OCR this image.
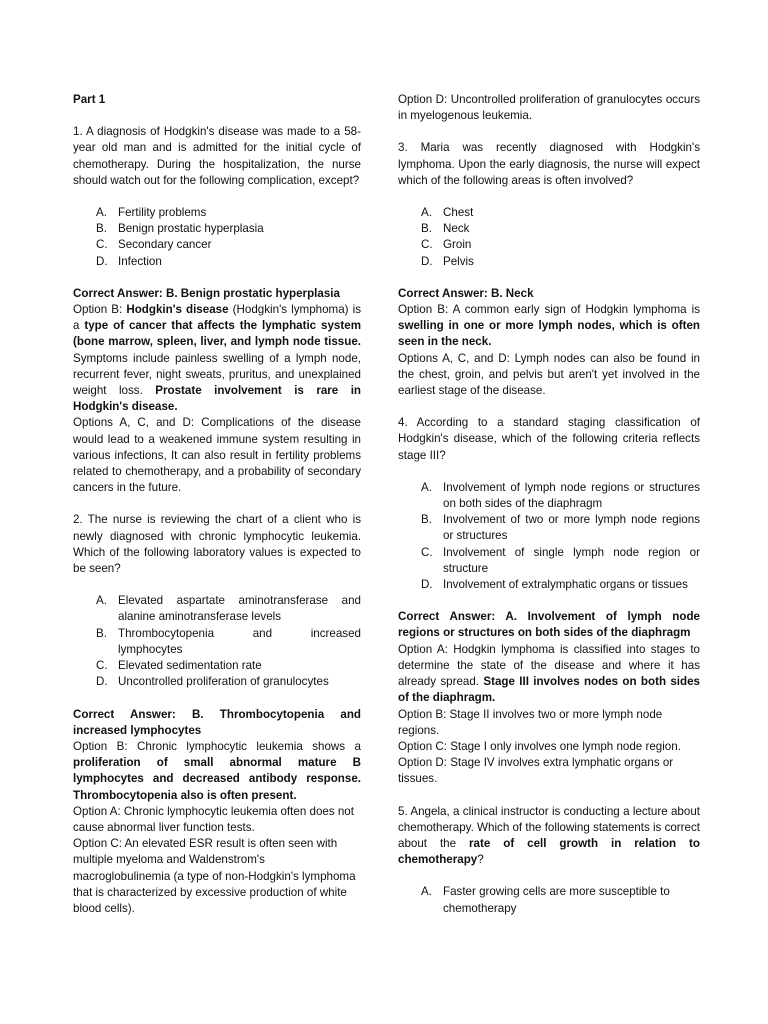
Part 1

1. A diagnosis of Hodgkin's disease was made to a 58- year old man and is admitted for the initial cycle of chemotherapy. During the hospitalization, the nurse should watch out for the following complication, except?

A. Fertility problems
B. Benign prostatic hyperplasia
C. Secondary cancer
D. Infection

Correct Answer: B. Benign prostatic hyperplasia

Option B: Hodgkin's disease (Hodgkin's lymphoma) is a type of cancer that affects the lymphatic system (bone marrow, spleen, liver, and lymph node tissue. Symptoms include painless swelling of a lymph node, recurrent fever, night sweats, pruritus, and unexplained weight loss. Prostate involvement is rare in Hodgkin's disease.

Options A, C, and D: Complications of the disease would lead to a weakened immune system resulting in various infections, It can also result in fertility problems related to chemotherapy, and a probability of secondary cancers in the future.

2. The nurse is reviewing the chart of a client who is newly diagnosed with chronic lymphocytic leukemia. Which of the following laboratory values is expected to be seen?

A. Elevated aspartate aminotransferase and alanine aminotransferase levels
B. Thrombocytopenia and increased lymphocytes
C. Elevated sedimentation rate
D. Uncontrolled proliferation of granulocytes

Correct Answer: B. Thrombocytopenia and increased lymphocytes

Option B: Chronic lymphocytic leukemia shows a proliferation of small abnormal mature B lymphocytes and decreased antibody response. Thrombocytopenia also is often present.

Option A: Chronic lymphocytic leukemia often does not cause abnormal liver function tests.

Option C: An elevated ESR result is often seen with multiple myeloma and Waldenstrom's macroglobulinemia (a type of non-Hodgkin's lymphoma that is characterized by excessive production of white blood cells).

Option D: Uncontrolled proliferation of granulocytes occurs in myelogenous leukemia.

3. Maria was recently diagnosed with Hodgkin's lymphoma. Upon the early diagnosis, the nurse will expect which of the following areas is often involved?

A. Chest
B. Neck
C. Groin
D. Pelvis

Correct Answer: B. Neck

Option B: A common early sign of Hodgkin lymphoma is swelling in one or more lymph nodes, which is often seen in the neck.

Options A, C, and D: Lymph nodes can also be found in the chest, groin, and pelvis but aren't yet involved in the earliest stage of the disease.

4. According to a standard staging classification of Hodgkin's disease, which of the following criteria reflects stage III?

A. Involvement of lymph node regions or structures on both sides of the diaphragm
B. Involvement of two or more lymph node regions or structures
C. Involvement of single lymph node region or structure
D. Involvement of extralymphatic organs or tissues

Correct Answer: A. Involvement of lymph node regions or structures on both sides of the diaphragm

Option A: Hodgkin lymphoma is classified into stages to determine the state of the disease and where it has already spread. Stage III involves nodes on both sides of the diaphragm.

Option B: Stage II involves two or more lymph node regions.

Option C: Stage I only involves one lymph node region.

Option D: Stage IV involves extra lymphatic organs or tissues.

5. Angela, a clinical instructor is conducting a lecture about chemotherapy. Which of the following statements is correct about the rate of cell growth in relation to chemotherapy?

A. Faster growing cells are more susceptible to chemotherapy
